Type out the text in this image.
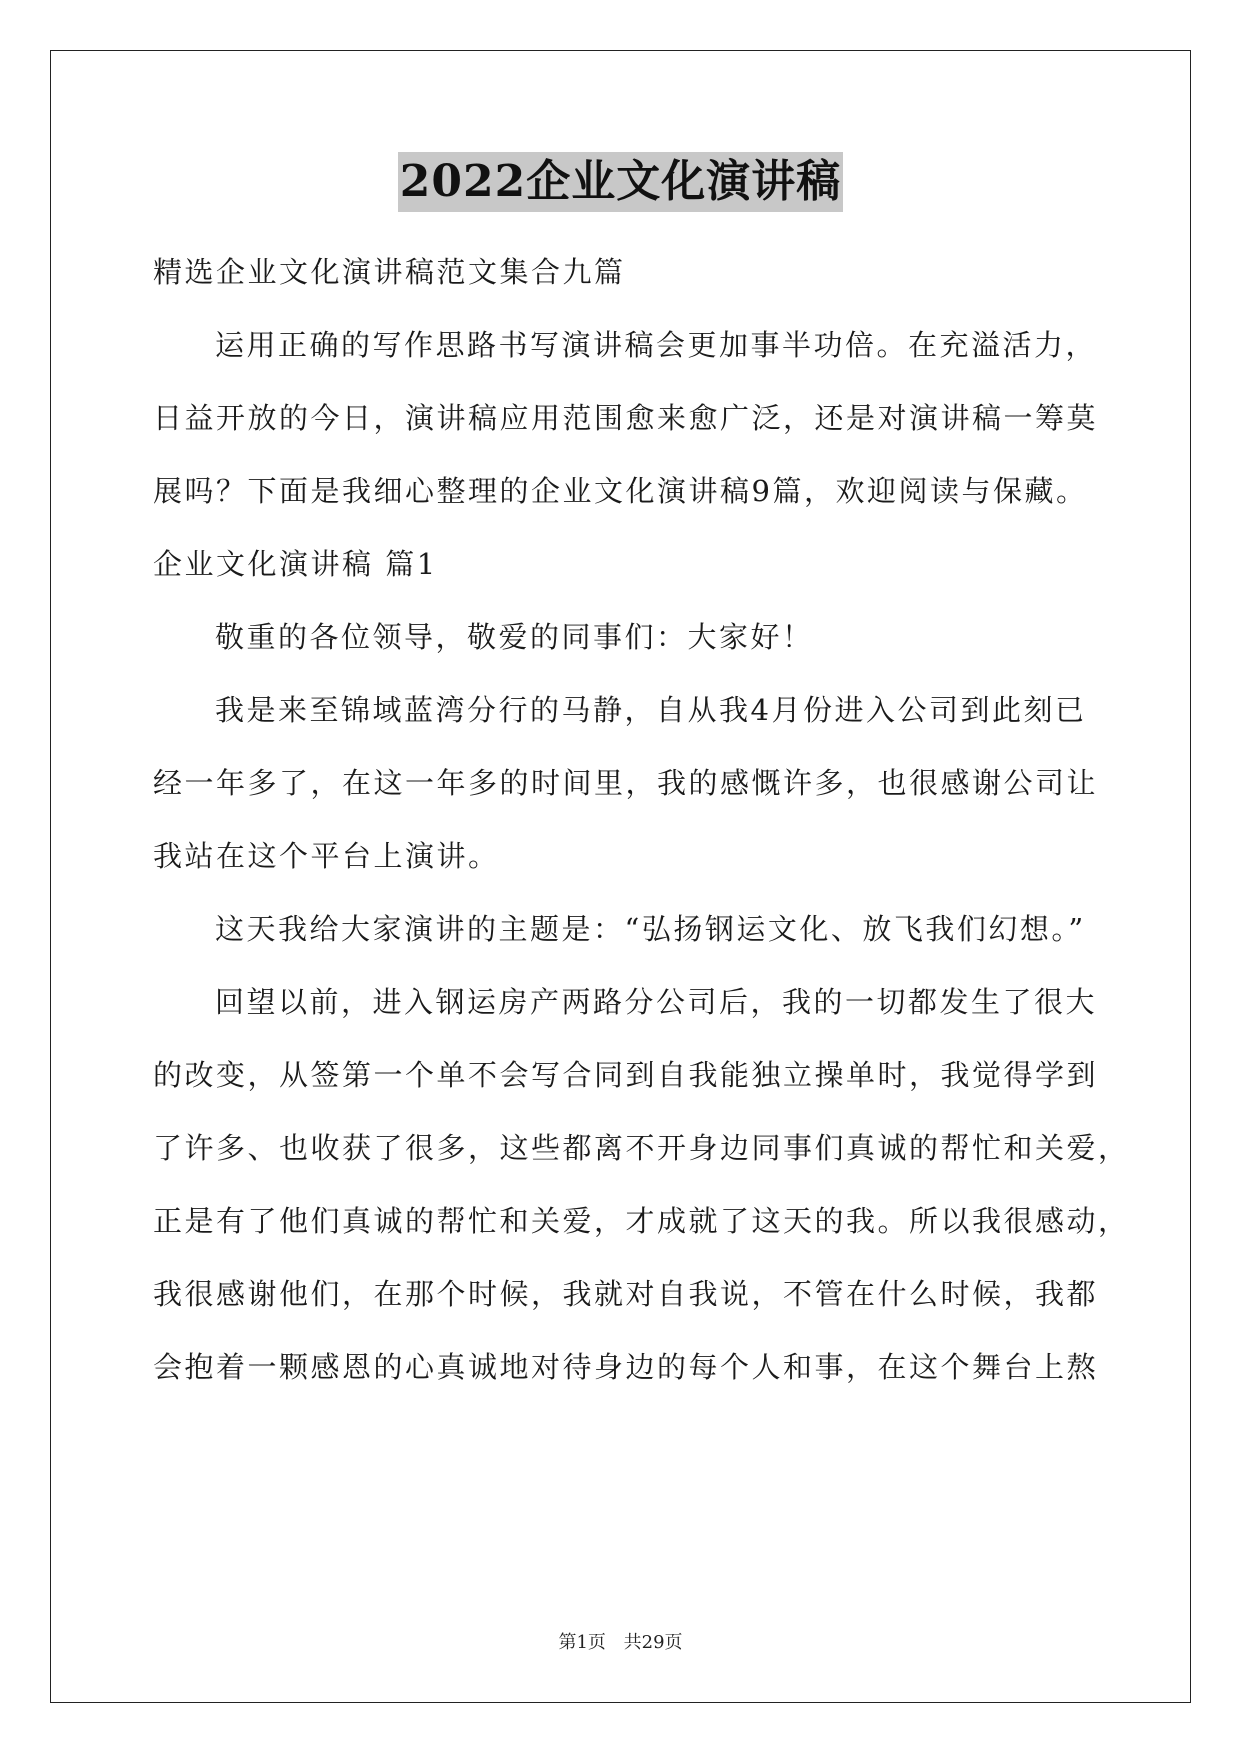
2022企业文化演讲稿
精选企业文化演讲稿范文集合九篇
运用正确的写作思路书写演讲稿会更加事半功倍。在充溢活力，
日益开放的今日，演讲稿应用范围愈来愈广泛，还是对演讲稿一筹莫
展吗？下面是我细心整理的企业文化演讲稿9篇，欢迎阅读与保藏。
企业文化演讲稿 篇1
敬重的各位领导，敬爱的同事们：大家好！
我是来至锦域蓝湾分行的马静，自从我4月份进入公司到此刻已
经一年多了，在这一年多的时间里，我的感慨许多，也很感谢公司让
我站在这个平台上演讲。
这天我给大家演讲的主题是：“弘扬钢运文化、放飞我们幻想。”
回望以前，进入钢运房产两路分公司后，我的一切都发生了很大
的改变，从签第一个单不会写合同到自我能独立操单时，我觉得学到
了许多、也收获了很多，这些都离不开身边同事们真诚的帮忙和关爱，
正是有了他们真诚的帮忙和关爱，才成就了这天的我。所以我很感动，
我很感谢他们，在那个时候，我就对自我说，不管在什么时候，我都
会抱着一颗感恩的心真诚地对待身边的每个人和事，在这个舞台上熬
第1页 共29页
